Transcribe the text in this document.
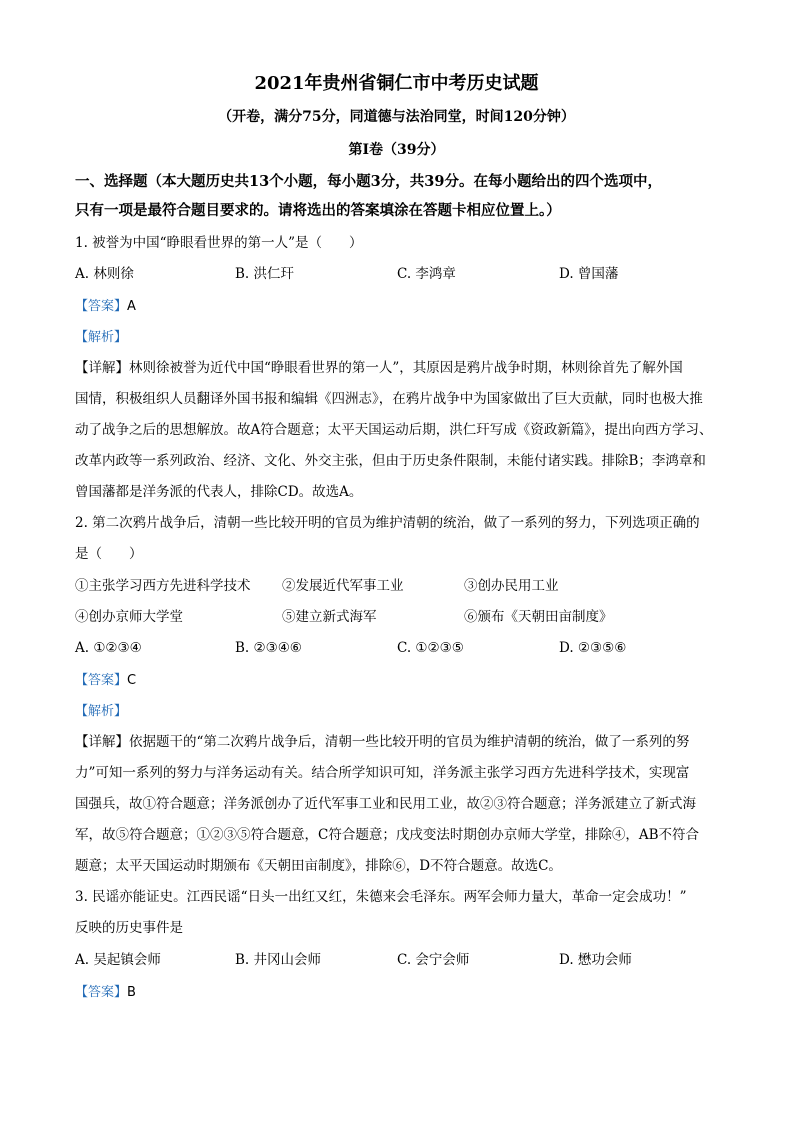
2021年贵州省铜仁市中考历史试题
（开卷，满分75分，同道德与法治同堂，时间120分钟）
第Ⅰ卷（39分）
一、选择题（本大题历史共13个小题，每小题3分，共39分。在每小题给出的四个选项中，
只有一项是最符合题目要求的。请将选出的答案填涂在答题卡相应位置上。）
1. 被誉为中国“睁眼看世界的第一人”是（　　）
A. 林则徐	B. 洪仁玕	C. 李鸿章	D. 曾国藩
【答案】A
【解析】
【详解】林则徐被誉为近代中国“睁眼看世界的第一人”，其原因是鸦片战争时期，林则徐首先了解外国
国情，积极组织人员翻译外国书报和编辑《四洲志》，在鸦片战争中为国家做出了巨大贡献，同时也极大推
动了战争之后的思想解放。故A符合题意；太平天国运动后期，洪仁玕写成《资政新篇》，提出向西方学习、
改革内政等一系列政治、经济、文化、外交主张，但由于历史条件限制，未能付诸实践。排除B；李鸿章和
曾国藩都是洋务派的代表人，排除CD。故选A。
2. 第二次鸦片战争后，清朝一些比较开明的官员为维护清朝的统治，做了一系列的努力，下列选项正确的
是（　　）
①主张学习西方先进科学技术 ②发展近代军事工业	③创办民用工业
④创办京师大学堂	⑤建立新式海军	⑥颁布《天朝田亩制度》
A. ①②③④	B. ②③④⑥	C. ①②③⑤	D. ②③⑤⑥
【答案】C
【解析】
【详解】依据题干的“第二次鸦片战争后，清朝一些比较开明的官员为维护清朝的统治，做了一系列的努
力”可知一系列的努力与洋务运动有关。结合所学知识可知，洋务派主张学习西方先进科学技术，实现富
国强兵，故①符合题意；洋务派创办了近代军事工业和民用工业，故②③符合题意；洋务派建立了新式海
军，故⑤符合题意；①②③⑤符合题意，C符合题意；戊戌变法时期创办京师大学堂，排除④，AB不符合
题意；太平天国运动时期颁布《天朝田亩制度》，排除⑥，D不符合题意。故选C。
3. 民谣亦能证史。江西民谣“日头一出红又红，朱德来会毛泽东。两军会师力量大，革命一定会成功！”
反映的历史事件是
A. 吴起镇会师	B. 井冈山会师	C. 会宁会师	D. 懋功会师
【答案】B
